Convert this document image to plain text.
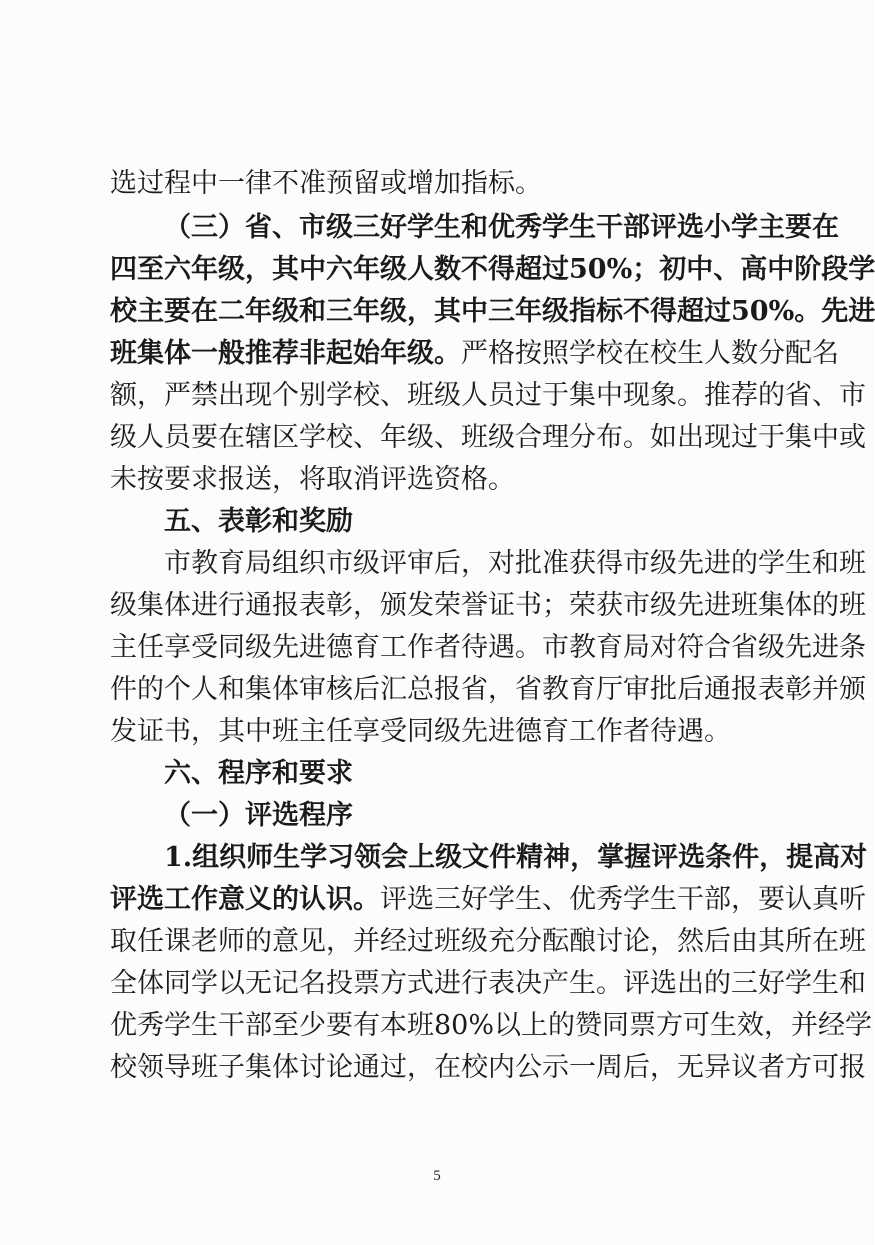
选过程中一律不准预留或增加指标。
（三）省、市级三好学生和优秀学生干部评选小学主要在
四至六年级，其中六年级人数不得超过50%；初中、高中阶段学
校主要在二年级和三年级，其中三年级指标不得超过50%。先进
班集体一般推荐非起始年级。严格按照学校在校生人数分配名
额，严禁出现个别学校、班级人员过于集中现象。推荐的省、市
级人员要在辖区学校、年级、班级合理分布。如出现过于集中或
未按要求报送，将取消评选资格。
五、表彰和奖励
市教育局组织市级评审后，对批准获得市级先进的学生和班
级集体进行通报表彰，颁发荣誉证书；荣获市级先进班集体的班
主任享受同级先进德育工作者待遇。市教育局对符合省级先进条
件的个人和集体审核后汇总报省，省教育厅审批后通报表彰并颁
发证书，其中班主任享受同级先进德育工作者待遇。
六、程序和要求
（一）评选程序
1.组织师生学习领会上级文件精神，掌握评选条件，提高对
评选工作意义的认识。评选三好学生、优秀学生干部，要认真听
取任课老师的意见，并经过班级充分酝酿讨论，然后由其所在班
全体同学以无记名投票方式进行表决产生。评选出的三好学生和
优秀学生干部至少要有本班80%以上的赞同票方可生效，并经学
校领导班子集体讨论通过，在校内公示一周后，无异议者方可报
5
